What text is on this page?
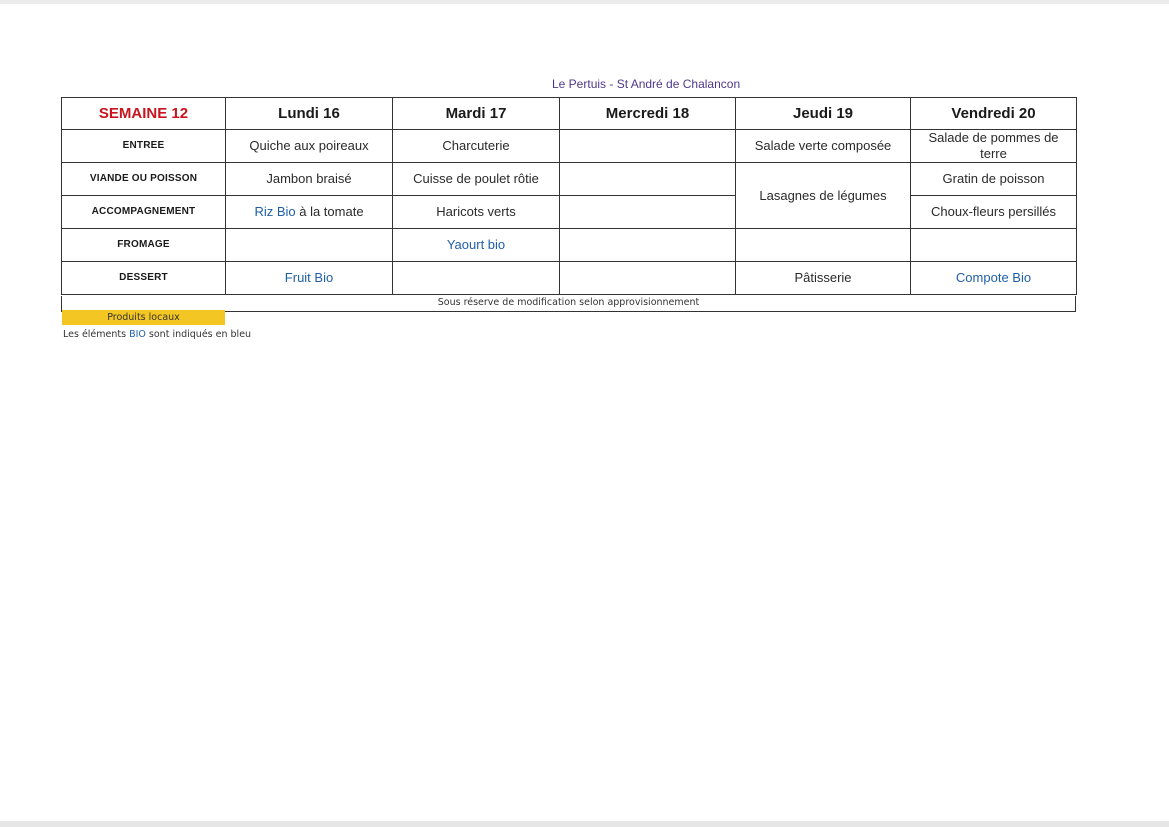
Le Pertuis - St André de Chalancon
SEMAINE 12	Lundi 16	Mardi 17	Mercredi 18	Jeudi 19	Vendredi 20
ENTREE	Quiche aux poireaux	Charcuterie		Salade verte composée	Salade de pommes de terre
VIANDE OU POISSON	Jambon braisé	Cuisse de poulet rôtie		Lasagnes de légumes	Gratin de poisson
ACCOMPAGNEMENT	Riz Bio à la tomate	Haricots verts			Choux-fleurs persillés
FROMAGE		Yaourt bio			
DESSERT	Fruit Bio			Pâtisserie	Compote Bio
Sous réserve de modification selon approvisionnement
Produits locaux
Les éléments BIO sont indiqués en bleu
